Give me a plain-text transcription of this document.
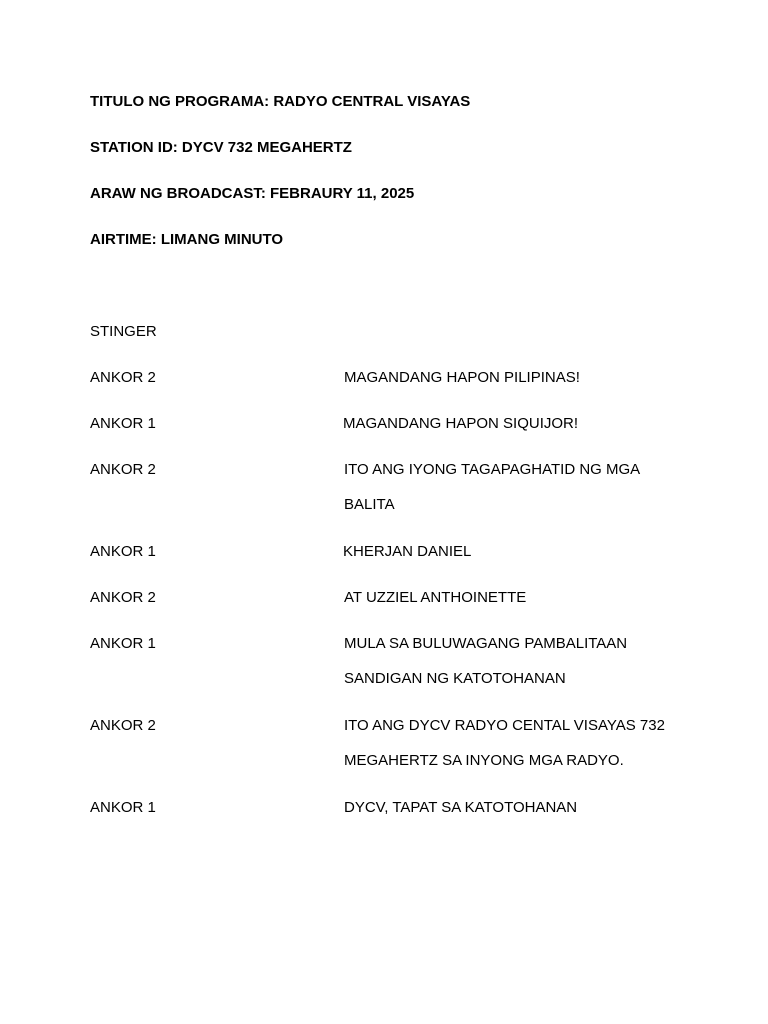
TITULO NG PROGRAMA: RADYO CENTRAL VISAYAS
STATION ID: DYCV 732 MEGAHERTZ
ARAW NG BROADCAST: FEBRAURY 11, 2025
AIRTIME: LIMANG MINUTO
STINGER
ANKOR 2	MAGANDANG HAPON PILIPINAS!
ANKOR 1	MAGANDANG HAPON SIQUIJOR!
ANKOR 2	ITO ANG IYONG TAGAPAGHATID NG MGA
BALITA
ANKOR 1	KHERJAN DANIEL
ANKOR 2	AT UZZIEL ANTHOINETTE
ANKOR 1	MULA SA BULUWAGANG PAMBALITAAN
SANDIGAN NG KATOTOHANAN
ANKOR 2	ITO ANG DYCV RADYO CENTAL VISAYAS 732
MEGAHERTZ SA INYONG MGA RADYO.
ANKOR 1	DYCV, TAPAT SA KATOTOHANAN
